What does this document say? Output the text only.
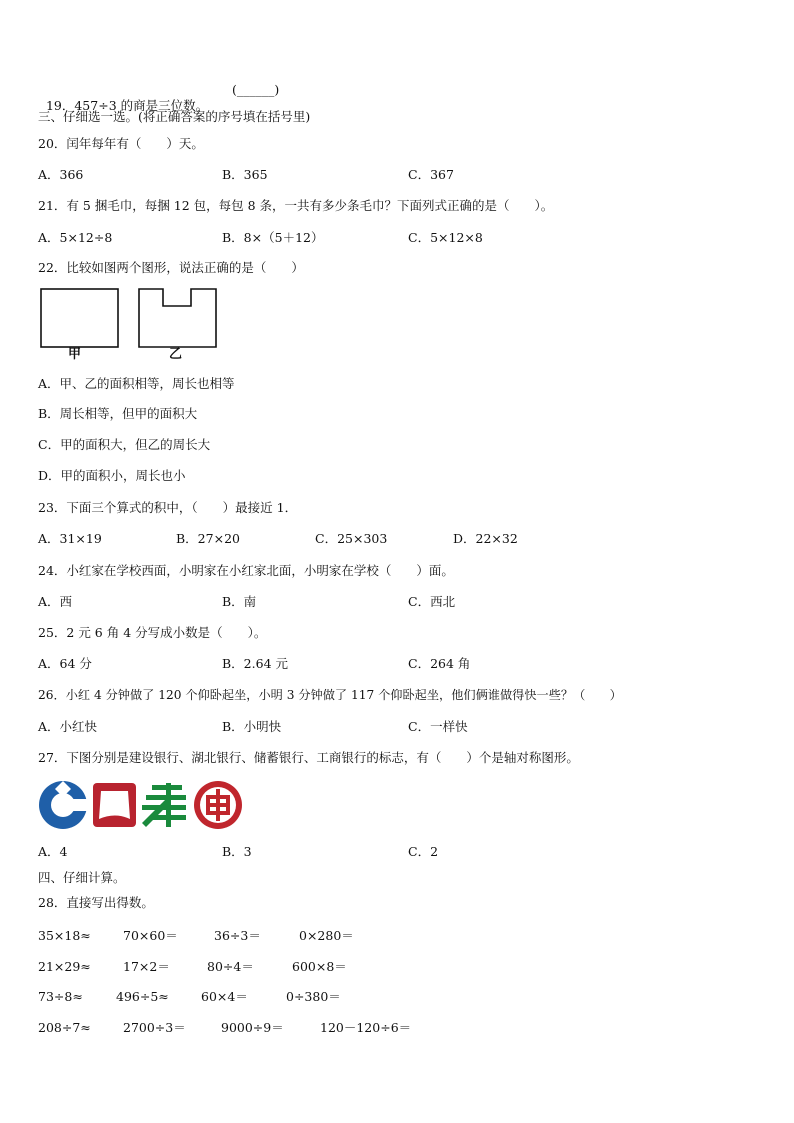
19．457÷3 的商是三位数。

(______)
三、仔细选一选。(将正确答案的序号填在括号里)
20．闰年每年有（　　）天。
A．366	B．365	C．367
21．有 5 捆毛巾，每捆 12 包，每包 8 条，一共有多少条毛巾？下面列式正确的是（　　）。
A．5×12÷8	B．8×（5＋12）	C．5×12×8
22．比较如图两个图形，说法正确的是（　　）
甲	乙
A．甲、乙的面积相等，周长也相等
B．周长相等，但甲的面积大
C．甲的面积大，但乙的周长大
D．甲的面积小，周长也小
23．下面三个算式的积中，（　　）最接近 1．
A．31×19	B．27×20	C．25×303	D．22×32
24．小红家在学校西面，小明家在小红家北面，小明家在学校（　　）面。
A．西	B．南	C．西北
25．2 元 6 角 4 分写成小数是（　　）。
A．64 分	B．2.64 元	C．264 角
26．小红 4 分钟做了 120 个仰卧起坐，小明 3 分钟做了 117 个仰卧起坐，他们俩谁做得快一些？（　　）
A．小红快	B．小明快	C．一样快
27．下图分别是建设银行、湖北银行、储蓄银行、工商银行的标志，有（　　）个是轴对称图形。
A．4	B．3	C．2
四、仔细计算。
28．直接写出得数。
35×18≈	70×60＝	36÷3＝	0×280＝
21×29≈	17×2＝	80÷4＝	600×8＝
73÷8≈	496÷5≈	60×4＝	0÷380＝
208÷7≈	2700÷3＝	9000÷9＝	120－120÷6＝
